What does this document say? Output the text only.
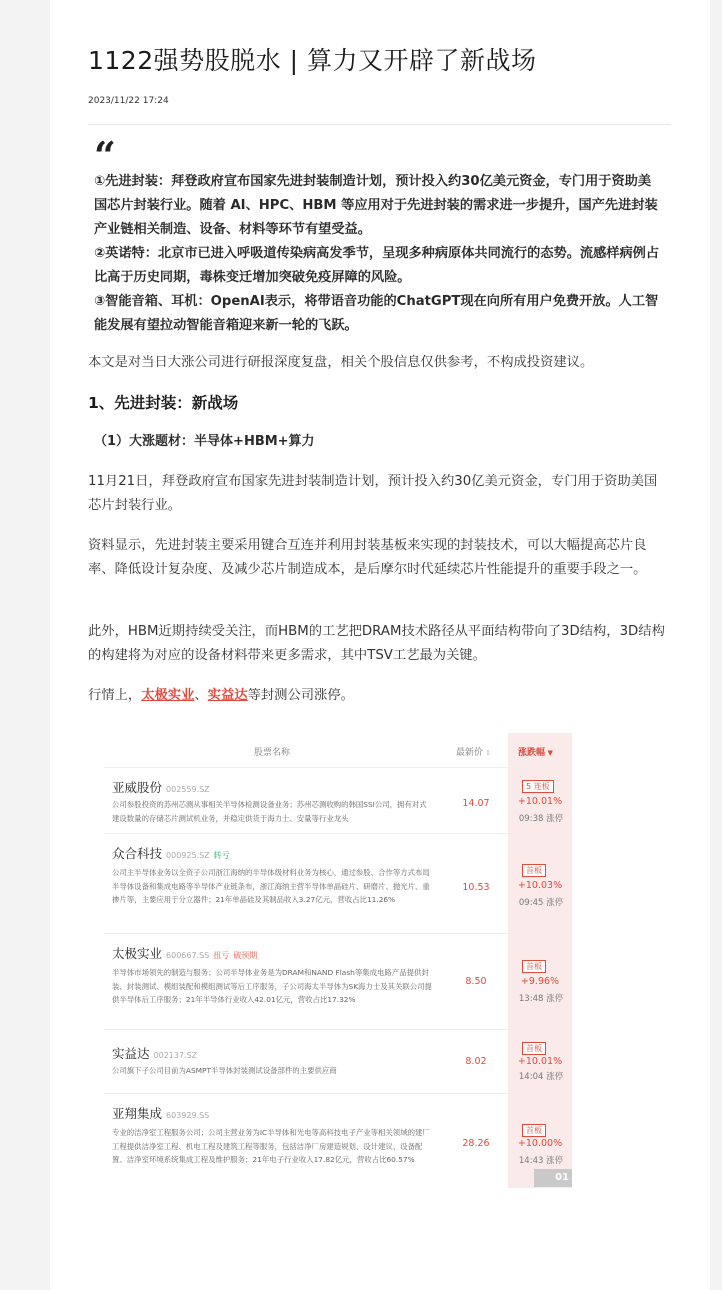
1122强势股脱水 | 算力又开辟了新战场
2023/11/22 17:24
“

①先进封装：拜登政府宣布国家先进封装制造计划，预计投入约30亿美元资金，专门用于资助美国芯片封装行业。随着 AI、HPC、HBM 等应用对于先进封装的需求进一步提升，国产先进封装产业链相关制造、设备、材料等环节有望受益。

②英诺特：北京市已进入呼吸道传染病高发季节，呈现多种病原体共同流行的态势。流感样病例占比高于历史同期，毒株变迁增加突破免疫屏障的风险。

③智能音箱、耳机：OpenAI表示，将带语音功能的ChatGPT现在向所有用户免费开放。人工智能发展有望拉动智能音箱迎来新一轮的飞跃。

本文是对当日大涨公司进行研报深度复盘，相关个股信息仅供参考，不构成投资建议。

1、先进封装：新战场
（1）大涨题材：半导体+HBM+算力

11月21日，拜登政府宣布国家先进封装制造计划，预计投入约30亿美元资金，专门用于资助美国芯片封装行业。

资料显示，先进封装主要采用键合互连并利用封装基板来实现的封装技术，可以大幅提高芯片良率、降低设计复杂度、及减少芯片制造成本，是后摩尔时代延续芯片性能提升的重要手段之一。

此外，HBM近期持续受关注，而HBM的工艺把DRAM技术路径从平面结构带向了3D结构，3D结构的构建将为对应的设备材料带来更多需求，其中TSV工艺最为关键。

行情上，太极实业、实益达等封测公司涨停。

股票名称	最新价 ⇕	涨跌幅 ▼
亚威股份 002559.SZ
公司参股投资的苏州芯测从事相关半导体检测设备业务；苏州芯测收购的韩国SSI公司，拥有对式建设数量的存储芯片测试机业务，并稳定供货于海力士、安量等行业龙头
14.07
5 连板
+10.01%
09:38 涨停
众合科技 000925.SZ 转亏
公司主半导体业务以全资子公司浙江海纳的半导体级材料业务为核心，通过参股、合作等方式布局半导体设备和集成电路等半导体产业链条布，浙江海纳主营半导体单晶硅片、研磨片、抛光片、重掺片等，主要应用于分立器件；21年单晶硅及其制品收入3.27亿元，营收占比11.26%
10.53
首板
+10.03%
09:45 涨停
太极实业 600667.SS 扭亏 破预期
半导体市场领先的制造与服务；公司半导体业务是为DRAM和NAND Flash等集成电路产品提供封装、封装测试、模组装配和模组测试等后工序服务，子公司海太半导体为SK海力士及其关联公司提供半导体后工序服务；21年半导体行业收入42.01亿元，营收占比17.32%
8.50
首板
+9.96%
13:48 涨停
实益达 002137.SZ
公司旗下子公司目前为ASMPT半导体封装测试设备部件的主要供应商
8.02
首板
+10.01%
14:04 涨停
亚翔集成 603929.SS
专业的洁净室工程服务公司；公司主营业务为IC半导体和光电等高科技电子产业等相关领域的建厂工程提供洁净室工程、机电工程及建筑工程等服务，包括洁净厂房建造规划、设计建议、设备配置、洁净室环境系统集成工程及维护服务；21年电子行业收入17.82亿元，营收占比60.57%
28.26
首板
+10.00%
14:43 涨停
01
